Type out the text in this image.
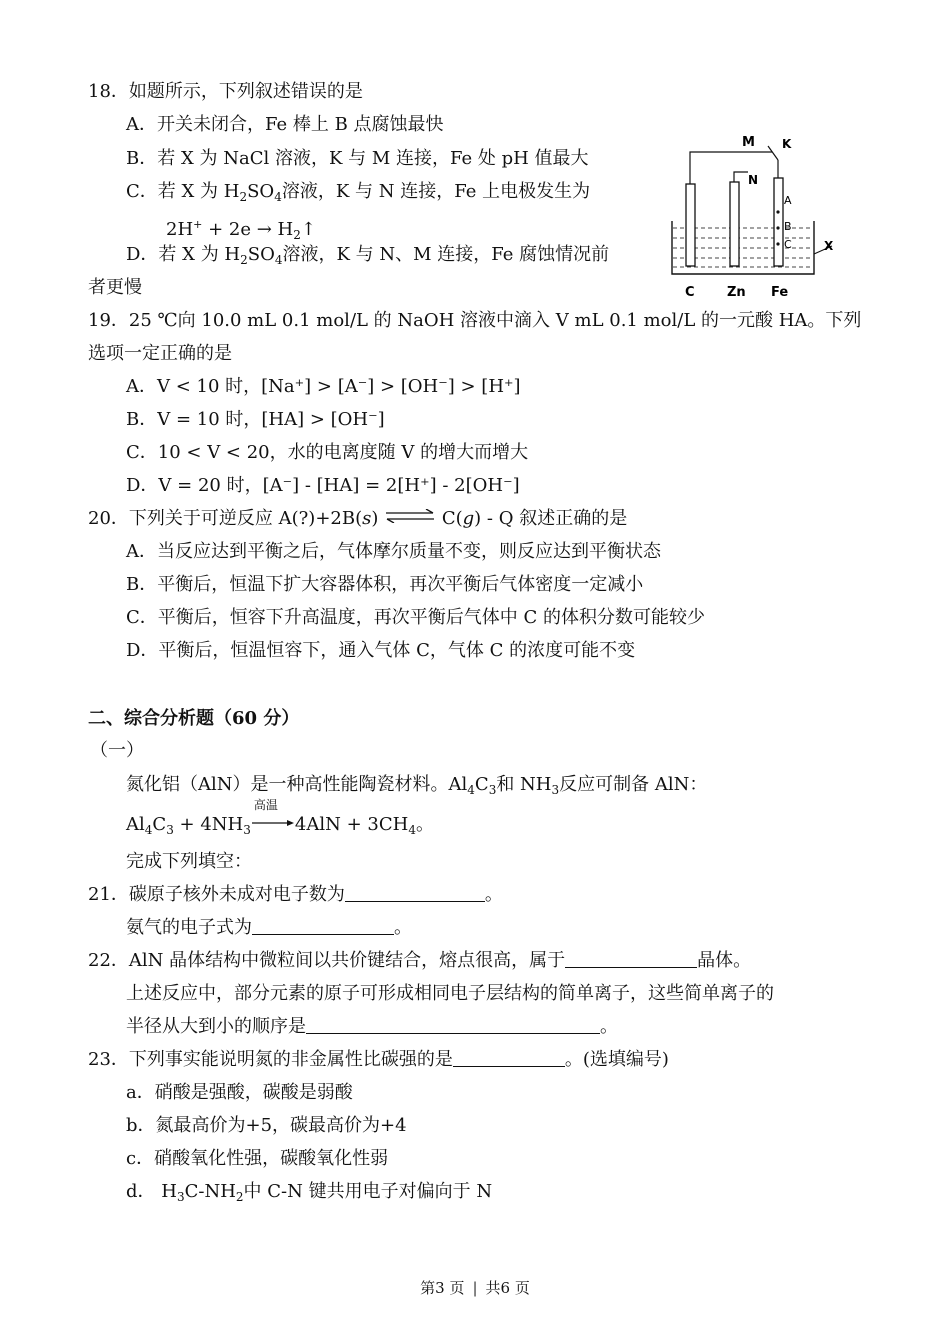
18．如题所示，下列叙述错误的是
A．开关未闭合，Fe 棒上 B 点腐蚀最快
B．若 X 为 NaCl 溶液，K 与 M 连接，Fe 处 pH 值最大
C．若 X 为 $H_2SO_4$溶液，K 与 N 连接，Fe 上电极发生为
$2H^+ + 2e \to H_2↑$
D．若 X 为 $H_2SO_4$溶液，K 与 N、M 连接，Fe 腐蚀情况前
者更慢
M K
N
A
B
C	X
C Zn Fe
19．25 ℃向 10.0 mL 0.1 mol/L 的 NaOH 溶液中滴入 V mL 0.1 mol/L 的一元酸 HA。下列
选项一定正确的是
A．V < 10 时，[Na⁺] > [A⁻] > [OH⁻] > [H⁺]
B．V = 10 时，[HA] > [OH⁻]
C．10 < V < 20，水的电离度随 V 的增大而增大
D．V = 20 时，[A⁻] - [HA] = 2[H⁺] - 2[OH⁻]
20．下列关于可逆反应 A(?)+2B(s) ⇌ C(g) - Q 叙述正确的是
A．当反应达到平衡之后，气体摩尔质量不变，则反应达到平衡状态
B．平衡后，恒温下扩大容器体积，再次平衡后气体密度一定减小
C．平衡后，恒容下升高温度，再次平衡后气体中 C 的体积分数可能较少
D．平衡后，恒温恒容下，通入气体 C，气体 C 的浓度可能不变
二、综合分析题（60 分）
（一）
氮化铝（AlN）是一种高性能陶瓷材料。$Al_4C_3$和 $NH_3$反应可制备 AlN：
$Al_4C_3 + 4NH_3$
高温
$4AlN + 3CH_4$。
完成下列填空：
21．碳原子核外未成对电子数为	。
氨气的电子式为	。
22．AlN 晶体结构中微粒间以共价键结合，熔点很高，属于	晶体。
上述反应中，部分元素的原子可形成相同电子层结构的简单离子，这些简单离子的
半径从大到小的顺序是	。
23．下列事实能说明氮的非金属性比碳强的是	。(选填编号)
a．硝酸是强酸，碳酸是弱酸
b．氮最高价为+5，碳最高价为+4
c．硝酸氧化性强，碳酸氧化性弱
d． $H_3C-NH_2$中 C-N 键共用电子对偏向于 N
第3 页 | 共6 页
